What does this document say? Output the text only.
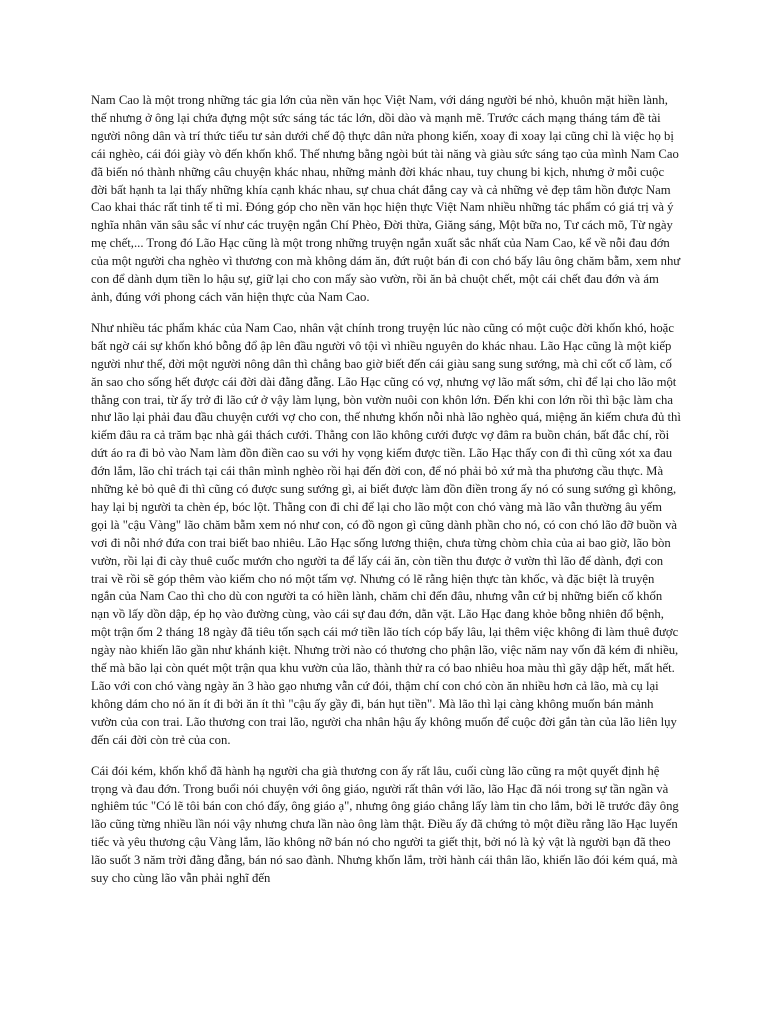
Nam Cao là một trong những tác gia lớn của nền văn học Việt Nam, với dáng người bé nhỏ, khuôn mặt hiền lành, thế nhưng ở ông lại chứa đựng một sức sáng tác tác lớn, dồi dào và mạnh mẽ. Trước cách mạng tháng tám đề tài người nông dân và trí thức tiểu tư sản dưới chế độ thực dân nửa phong kiến, xoay đi xoay lại cũng chỉ là việc họ bị cái nghèo, cái đói giày vò đến khốn khổ. Thế nhưng bằng ngòi bút tài năng và giàu sức sáng tạo của mình Nam Cao đã biến nó thành những câu chuyện khác nhau, những mảnh đời khác nhau, tuy chung bi kịch, nhưng ở mỗi cuộc đời bất hạnh ta lại thấy những khía cạnh khác nhau, sự chua chát đắng cay và cả những vẻ đẹp tâm hồn được Nam Cao khai thác rất tinh tế tỉ mỉ. Đóng góp cho nền văn học hiện thực Việt Nam nhiều những tác phẩm có giá trị và ý nghĩa nhân văn sâu sắc ví như các truyện ngắn Chí Phèo, Đời thừa, Giăng sáng, Một bữa no, Tư cách mõ, Từ ngày mẹ chết,... Trong đó Lão Hạc cũng là một trong những truyện ngắn xuất sắc nhất của Nam Cao, kể về nỗi đau đớn của một người cha nghèo vì thương con mà không dám ăn, đứt ruột bán đi con chó bấy lâu ông chăm bẵm, xem như con để dành dụm tiền lo hậu sự, giữ lại cho con mấy sào vườn, rồi ăn bả chuột chết, một cái chết đau đớn và ám ảnh, đúng với phong cách văn hiện thực của Nam Cao.

Như nhiều tác phẩm khác của Nam Cao, nhân vật chính trong truyện lúc nào cũng có một cuộc đời khốn khó, hoặc bất ngờ cái sự khốn khó bỗng đổ ập lên đầu người vô tội vì nhiều nguyên do khác nhau. Lão Hạc cũng là một kiếp người như thế, đời một người nông dân thì chẳng bao giờ biết đến cái giàu sang sung sướng, mà chỉ cốt cố làm, cố ăn sao cho sống hết được cái đời dài đằng đẵng. Lão Hạc cũng có vợ, nhưng vợ lão mất sớm, chỉ để lại cho lão một thằng con trai, từ ấy trở đi lão cứ ở vậy làm lụng, bòn vườn nuôi con khôn lớn. Đến khi con lớn rồi thì bậc làm cha như lão lại phải đau đầu chuyện cưới vợ cho con, thế nhưng khốn nỗi nhà lão nghèo quá, miệng ăn kiếm chưa đủ thì kiếm đâu ra cả trăm bạc nhà gái thách cưới. Thằng con lão không cưới được vợ đâm ra buồn chán, bất đắc chí, rồi dứt áo ra đi bỏ vào Nam làm đồn điền cao su với hy vọng kiếm được tiền. Lão Hạc thấy con đi thì cũng xót xa đau đớn lắm, lão chỉ trách tại cái thân mình nghèo rồi hại đến đời con, để nó phải bỏ xứ mà tha phương cầu thực. Mà những kẻ bỏ quê đi thì cũng có được sung sướng gì, ai biết được làm đồn điền trong ấy nó có sung sướng gì không, hay lại bị người ta chèn ép, bóc lột. Thằng con đi chỉ để lại cho lão một con chó vàng mà lão vẫn thường âu yếm gọi là "cậu Vàng" lão chăm bẵm xem nó như con, có đồ ngon gì cũng dành phần cho nó, có con chó lão đỡ buồn và vơi đi nỗi nhớ đứa con trai biết bao nhiêu. Lão Hạc sống lương thiện, chưa từng chòm chỉa của ai bao giờ, lão bòn vườn, rồi lại đi cày thuê cuốc mướn cho người ta để lấy cái ăn, còn tiền thu được ở vườn thì lão để dành, đợi con trai về rồi sẽ góp thêm vào kiếm cho nó một tấm vợ. Nhưng có lẽ rằng hiện thực tàn khốc, và đặc biệt là truyện ngắn của Nam Cao thì cho dù con người ta có hiền lành, chăm chỉ đến đâu, nhưng vẫn cứ bị những biến cố khốn nạn vồ lấy dồn dập, ép họ vào đường cùng, vào cái sự đau đớn, dằn vặt. Lão Hạc đang khỏe bỗng nhiên đổ bệnh, một trận ốm 2 tháng 18 ngày đã tiêu tốn sạch cái mớ tiền lão tích cóp bấy lâu, lại thêm việc không đi làm thuê được ngày nào khiến lão gần như khánh kiệt. Nhưng trời nào có thương cho phận lão, việc năm nay vốn đã kém đi nhiều, thế mà bão lại còn quét một trận qua khu vườn của lão, thành thử ra có bao nhiêu hoa màu thì gãy dập hết, mất hết. Lão với con chó vàng ngày ăn 3 hào gạo nhưng vẫn cứ đói, thậm chí con chó còn ăn nhiều hơn cả lão, mà cụ lại không dám cho nó ăn ít đi bởi ăn ít thì "cậu ấy gầy đi, bán hụt tiền". Mà lão thì lại càng không muốn bán mảnh vườn của con trai. Lão thương con trai lão, người cha nhân hậu ấy không muốn để cuộc đời gắn tàn của lão liên lụy đến cái đời còn trẻ của con.

Cái đói kém, khốn khổ đã hành hạ người cha già thương con ấy rất lâu, cuối cùng lão cũng ra một quyết định hệ trọng và đau đớn. Trong buổi nói chuyện với ông giáo, người rất thân với lão, lão Hạc đã nói trong sự tần ngần và nghiêm túc "Có lẽ tôi bán con chó đấy, ông giáo ạ", nhưng ông giáo chẳng lấy làm tin cho lắm, bởi lẽ trước đây ông lão cũng từng nhiều lần nói vậy nhưng chưa lần nào ông làm thật. Điều ấy đã chứng tỏ một điều rằng lão Hạc luyến tiếc và yêu thương cậu Vàng lắm, lão không nỡ bán nó cho người ta giết thịt, bởi nó là kỷ vật là người bạn đã theo lão suốt 3 năm trời đằng đẵng, bán nó sao đành. Nhưng khốn lắm, trời hành cái thân lão, khiến lão đói kém quá, mà suy cho cùng lão vẫn phải nghĩ đến
